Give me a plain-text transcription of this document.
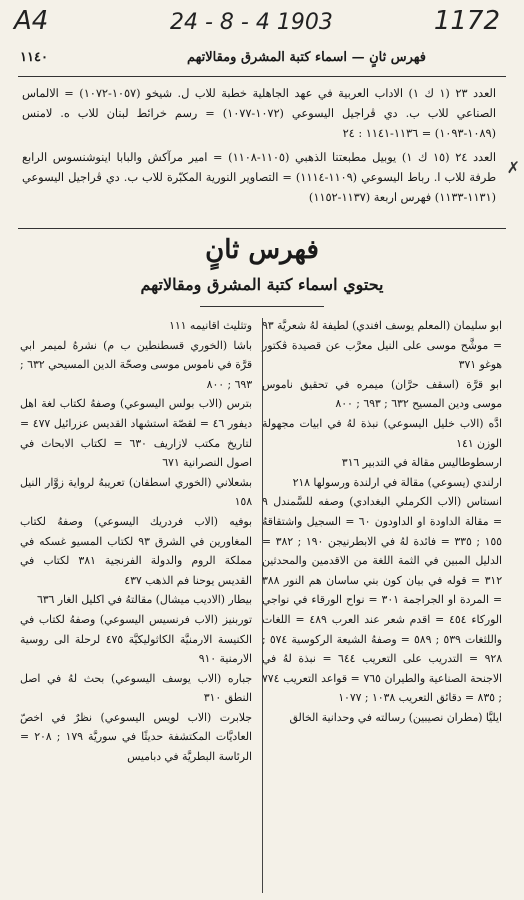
A4	24 - 8 - 4 1903	1172
١١٤٠	فهرس ثانٍ — اسماء كتبة المشرق ومقالاتهم

العدد ٢٣ (١ ك ١) الاداب العربية في عهد الجاهلية خطبة للاب ل. شيخو (١٠٥٧-١٠٧٢) = الالماس الصناعي للاب ب. دي ڤراجيل اليسوعي (١٠٧٢-١٠٧٧) = رسم خرائط لبنان للاب ه. لامنس (١٠٨٩-١٠٩٣) = ١١٣٦-١١٤١ : ٢٤

العدد ٢٤ (١٥ ك ١) يوبيل مطبعتنا الذهبي (١١٠٥-١١٠٨) = امير مرآكش والبابا اينوشنسوس الرابع طرفة للاب ا. رباط اليسوعي (١١٠٩-١١١٤) = التصاوير النورية المكبّرة للاب ب. دي ڤراجيل اليسوعي (١١٣١-١١٣٣) فهرس اربعة (١١٣٧-١١٥٢)

✗
فهرس ثانٍ
يحتوي اسماء كتبة المشرق ومقالاتهم

ابو سليمان (المعلم يوسف افندي) لطيفة لهُ شعريَّة ٩٣ = موشَّح موسى على النيل معرَّب عن قصيدة ڤكتور هوغو ٣٧١

ابو قرَّة (اسقف حرَّان) ميمره في تحقيق ناموس موسى ودين المسيح ٦٣٢ ; ٦٩٣ ; ٨٠٠

ادَّه (الاب خليل اليسوعي) نبذة لهُ في ابيات مجهولة الوزن ١٤١

ارسطوطاليس مقالة في التدبير ٣١٦

ارلندي (يسوعي) مقالة في ارلندة ورسولها ٢١٨

انستاس (الاب الكرملي البغدادي) وصفه للسَّمندل ٩ = مقالة الداودة او الداودون ٦٠ = السجيل واشتقاقهُ ١٥٥ ; ٣٣٥ = فائدة لهُ في الابطرنيجن ١٩٠ ; ٣٨٢ = الدليل المبين في الثمة اللغة من الاقدمين والمحدثين ٣١٢ = قوله في بيان كون بني ساسان هم النور ٣٨٨ = المردة او الجراجمة ٣٠١ = نواح الورقاء في نواجي الوركاء ٤٥٤ = اقدم شعر عند العرب ٤٨٩ = اللغات واللثغات ٥٣٩ ; ٥٨٩ = وصفهُ الشيعة الركوسية ٥٧٤ ; ٩٢٨ = التدريب على التعريب ٦٤٤ = نبذة لهُ في الاجنحة الصناعية والطيران ٧٦٥ = قواعد التعريب ٧٧٤ ; ٨٣٥ = دقائق التعريب ١٠٣٨ ; ١٠٧٧

ايليَّا (مطران نصيبين) رسالته في وحدانية الخالق

وتثليث اقانيمه ١١١

باشا (الخوري قسطنطين ب م) نشرهُ لميمر ابي قرَّة في ناموس موسى وصحّة الدين المسيحي ٦٣٢ ; ٦٩٣ ; ٨٠٠

بترس (الاب بولس اليسوعي) وصفهُ لكتاب لغة اهل ديفور ٤٦ = لقصّة استشهاد القديس عزرائيل ٤٧٧ = لتاريخ مكتب لازاريف ٦٣٠ = لكتاب الابحاث في اصول النصرانية ٦٧١

بشعلاني (الخوري اسطفان) تعريبهُ لرواية زوَّار النيل ١٥٨

بوفيه (الاب فردريك اليسوعي) وصفهُ لكتاب المغاورين في الشرق ٩٣ لكتاب المسيو غسكه في مملكة الروم والدولة الفرنجية ٣٨١ لكتاب في القديس يوحنا فم الذهب ٤٣٧

بيطار (الاديب ميشال) مقالتهُ في اكليل الغار ٦٣٦

توربنيز (الاب فرنسيس اليسوعي) وصفهُ لكتاب في الكنيسة الارمنيَّة الكاثوليكيَّة ٤٧٥ لرحلة الى روسية الارمنية ٩١٠

جباره (الاب يوسف اليسوعي) بحث لهُ في اصل النطق ٣١٠

جلابرت (الاب لويس اليسوعي) نظرٌ في اخصّ العاديَّات المكتشفة حديثًا في سوريَّة ١٧٩ ; ٢٠٨ = الرئاسة البطريَّة في دباميس
